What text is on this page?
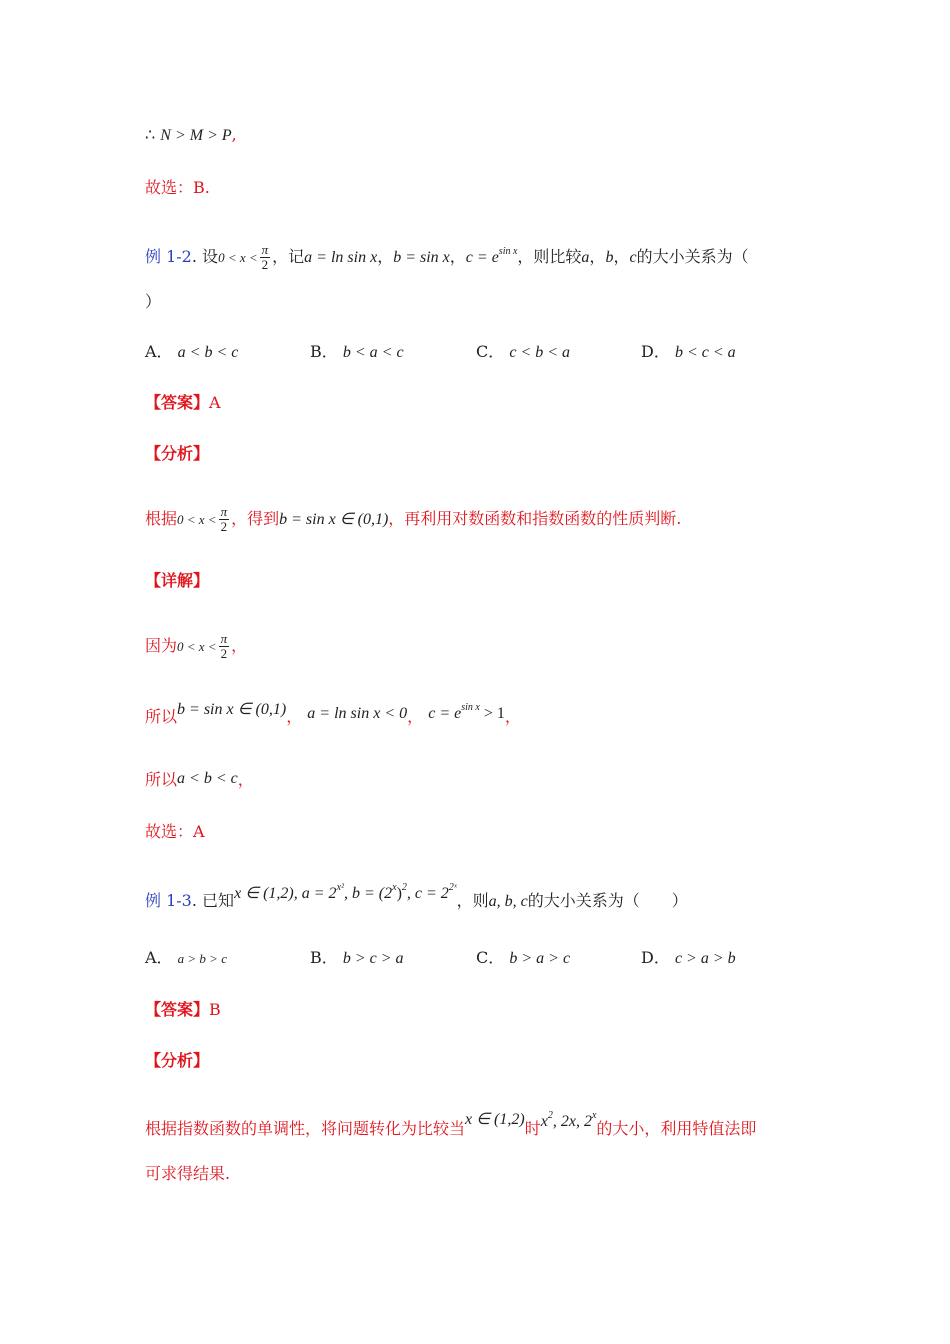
∴ N > M > P,
故选：B.
例 1-2. 设$0 < x < \frac{\pi}{2}$ ，记a = ln sin x，b = sin x，$c = e^{sin x}$，则比较a，b，c的大小关系为（
）
A． a < b < c	B． b < a < c	C． c < b < a	D． b < c < a
【答案】A
【分析】
根据$0 < x < \frac{\pi}{2}$ ，得到b = sin x ∈ (0,1)，再利用对数函数和指数函数的性质判断.
【详解】
因为$0 < x < \frac{\pi}{2}$ ，
所以b = sin x ∈ (0,1)， a = ln sin x < 0， $c = e^{sin x} > 1$，
所以a < b < c，
故选：A
例 1-3. 已知x ∈ (1,2), $a = 2^{x^2}$, $b = (2^x)^2$, $c = 2^{2ˣ}$，则a, b, c的大小关系为（　　）
A． a > b > c	B． b > c > a	C． b > a > c	D． c > a > b
【答案】B
【分析】
根据指数函数的单调性，将问题转化为比较当x ∈ (1,2)时$x^2$, 2x, 2$^x$的大小，利用特值法即
可求得结果.
